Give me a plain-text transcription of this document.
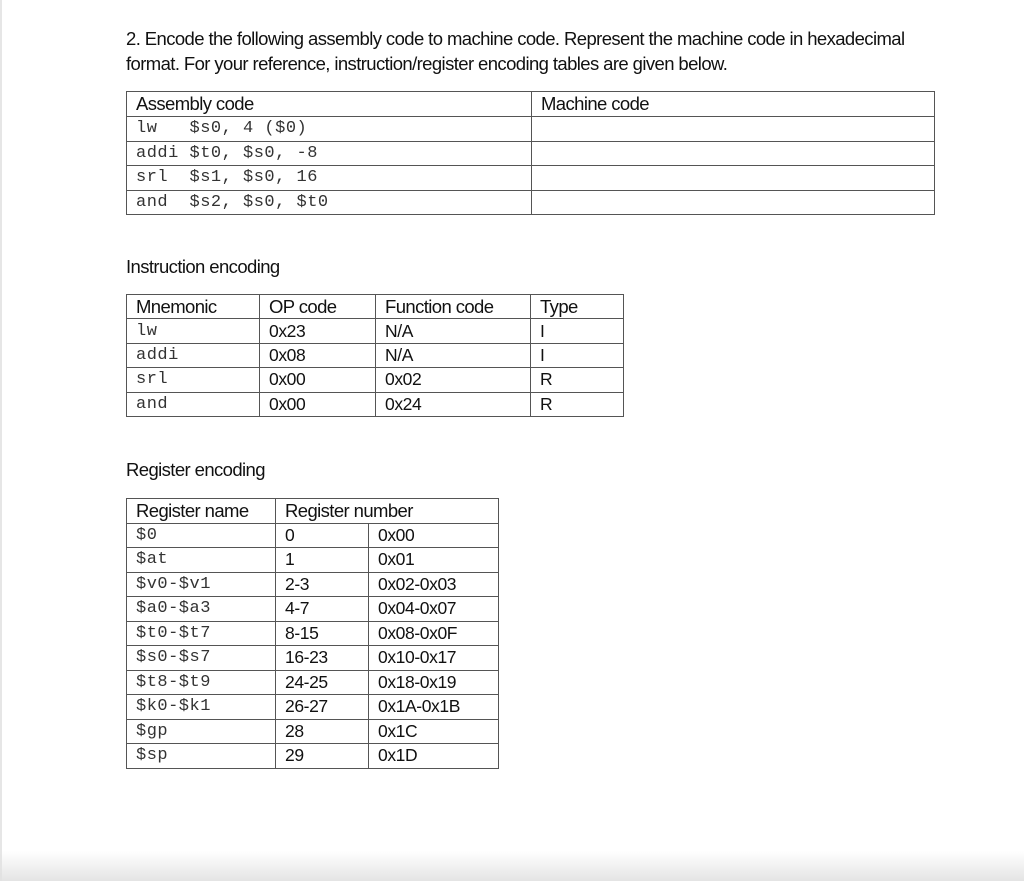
2. Encode the following assembly code to machine code. Represent the machine code in hexadecimal format. For your reference, instruction/register encoding tables are given below.

Assembly code	Machine code
lw   $s0, 4 ($0)	
addi $t0, $s0, -8	
srl  $s1, $s0, 16	
and  $s2, $s0, $t0	
Instruction encoding
Mnemonic	OP code	Function code	Type
lw	0x23	N/A	I
addi	0x08	N/A	I
srl	0x00	0x02	R
and	0x00	0x24	R
Register encoding
Register name	Register number	
$0	0	0x00
$at	1	0x01
$v0-$v1	2-3	0x02-0x03
$a0-$a3	4-7	0x04-0x07
$t0-$t7	8-15	0x08-0x0F
$s0-$s7	16-23	0x10-0x17
$t8-$t9	24-25	0x18-0x19
$k0-$k1	26-27	0x1A-0x1B
$gp	28	0x1C
$sp	29	0x1D
